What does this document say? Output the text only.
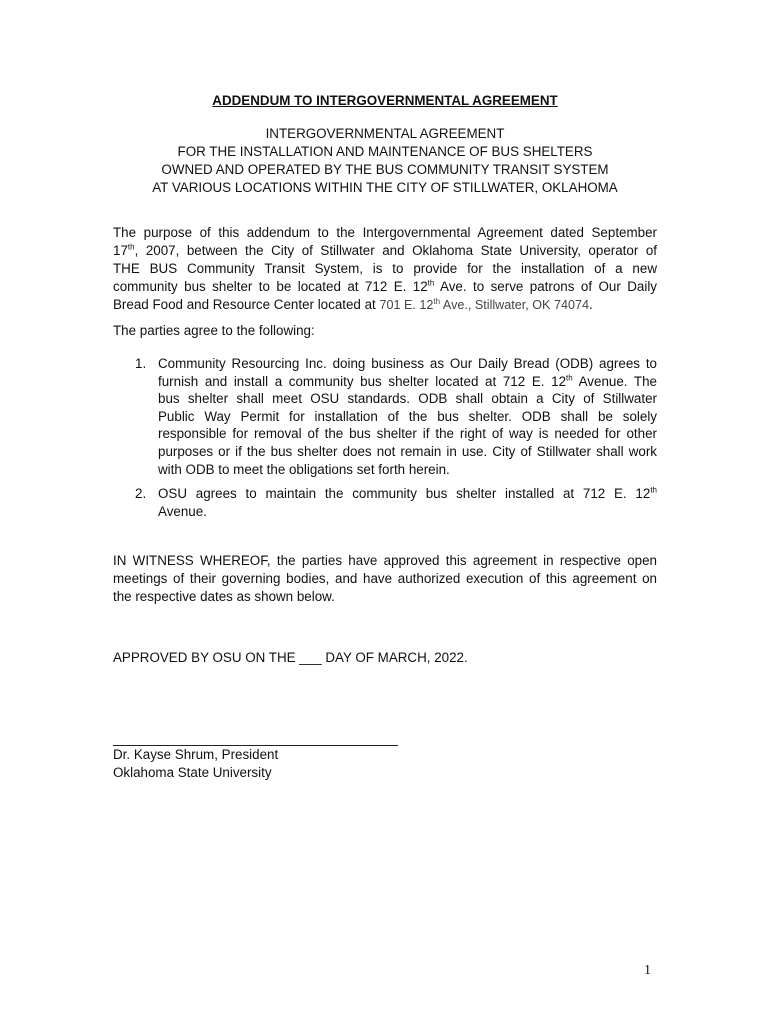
ADDENDUM TO INTERGOVERNMENTAL AGREEMENT
INTERGOVERNMENTAL AGREEMENT
FOR THE INSTALLATION AND MAINTENANCE OF BUS SHELTERS
OWNED AND OPERATED BY THE BUS COMMUNITY TRANSIT SYSTEM
AT VARIOUS LOCATIONS WITHIN THE CITY OF STILLWATER, OKLAHOMA
The purpose of this addendum to the Intergovernmental Agreement dated September
17th, 2007, between the City of Stillwater and Oklahoma State University, operator of
THE BUS Community Transit System, is to provide for the installation of a new
community bus shelter to be located at 712 E. 12th Ave. to serve patrons of Our Daily
Bread Food and Resource Center located at 701 E. 12th Ave., Stillwater, OK 74074.
The parties agree to the following:
1. Community Resourcing Inc. doing business as Our Daily Bread (ODB) agrees to
furnish and install a community bus shelter located at 712 E. 12th Avenue. The
bus shelter shall meet OSU standards. ODB shall obtain a City of Stillwater
Public Way Permit for installation of the bus shelter. ODB shall be solely
responsible for removal of the bus shelter if the right of way is needed for other
purposes or if the bus shelter does not remain in use. City of Stillwater shall work
with ODB to meet the obligations set forth herein.
2. OSU agrees to maintain the community bus shelter installed at 712 E. 12th
Avenue.
IN WITNESS WHEREOF, the parties have approved this agreement in respective open
meetings of their governing bodies, and have authorized execution of this agreement on
the respective dates as shown below.
APPROVED BY OSU ON THE ___ DAY OF MARCH, 2022.
Dr. Kayse Shrum, President
Oklahoma State University
1
